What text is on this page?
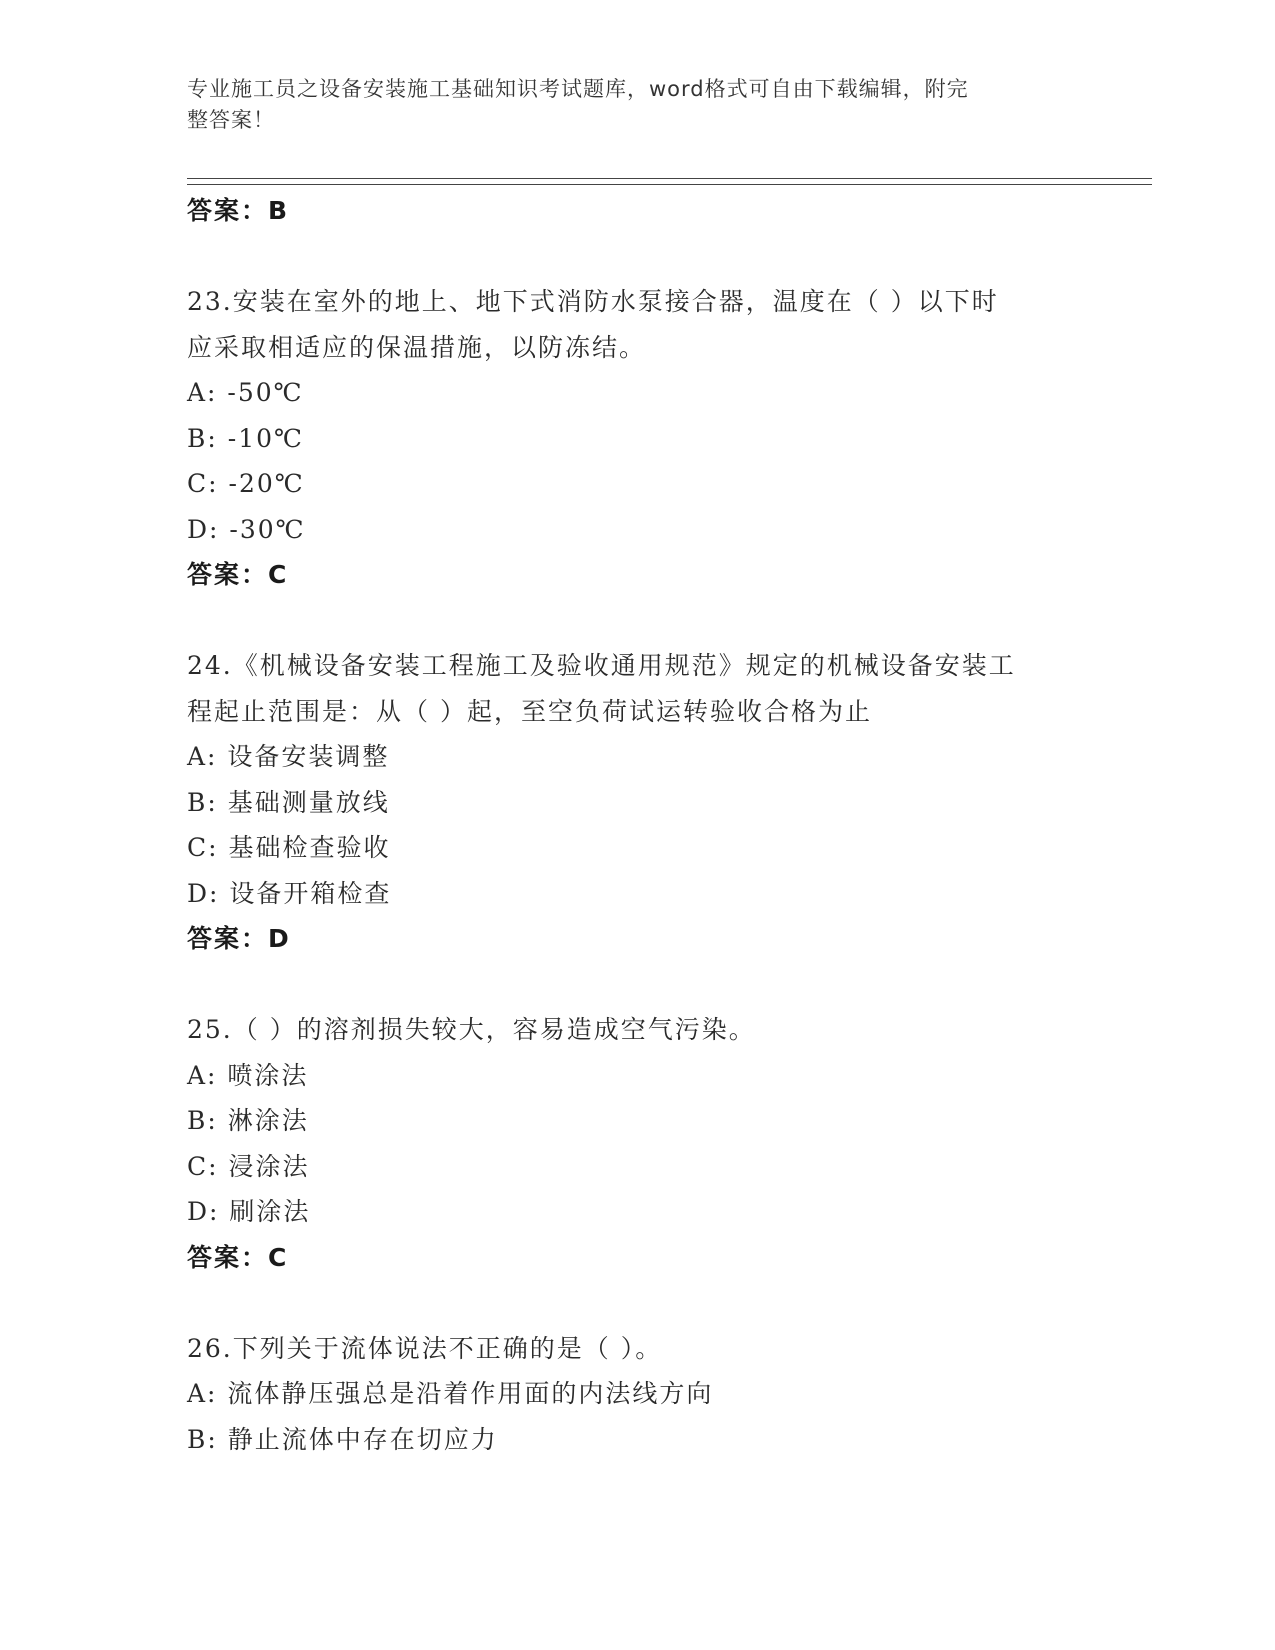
专业施工员之设备安装施工基础知识考试题库，word格式可自由下载编辑，附完
整答案！
答案：B
23.安装在室外的地上、地下式消防水泵接合器，温度在（ ）以下时
应采取相适应的保温措施，以防冻结。
A: -50℃
B: -10℃
C: -20℃
D: -30℃
答案：C
24.《机械设备安装工程施工及验收通用规范》规定的机械设备安装工
程起止范围是：从（ ）起，至空负荷试运转验收合格为止
A: 设备安装调整
B: 基础测量放线
C: 基础检查验收
D: 设备开箱检查
答案：D
25.（ ）的溶剂损失较大，容易造成空气污染。
A: 喷涂法
B: 淋涂法
C: 浸涂法
D: 刷涂法
答案：C
26.下列关于流体说法不正确的是（ ）。
A: 流体静压强总是沿着作用面的内法线方向
B: 静止流体中存在切应力
